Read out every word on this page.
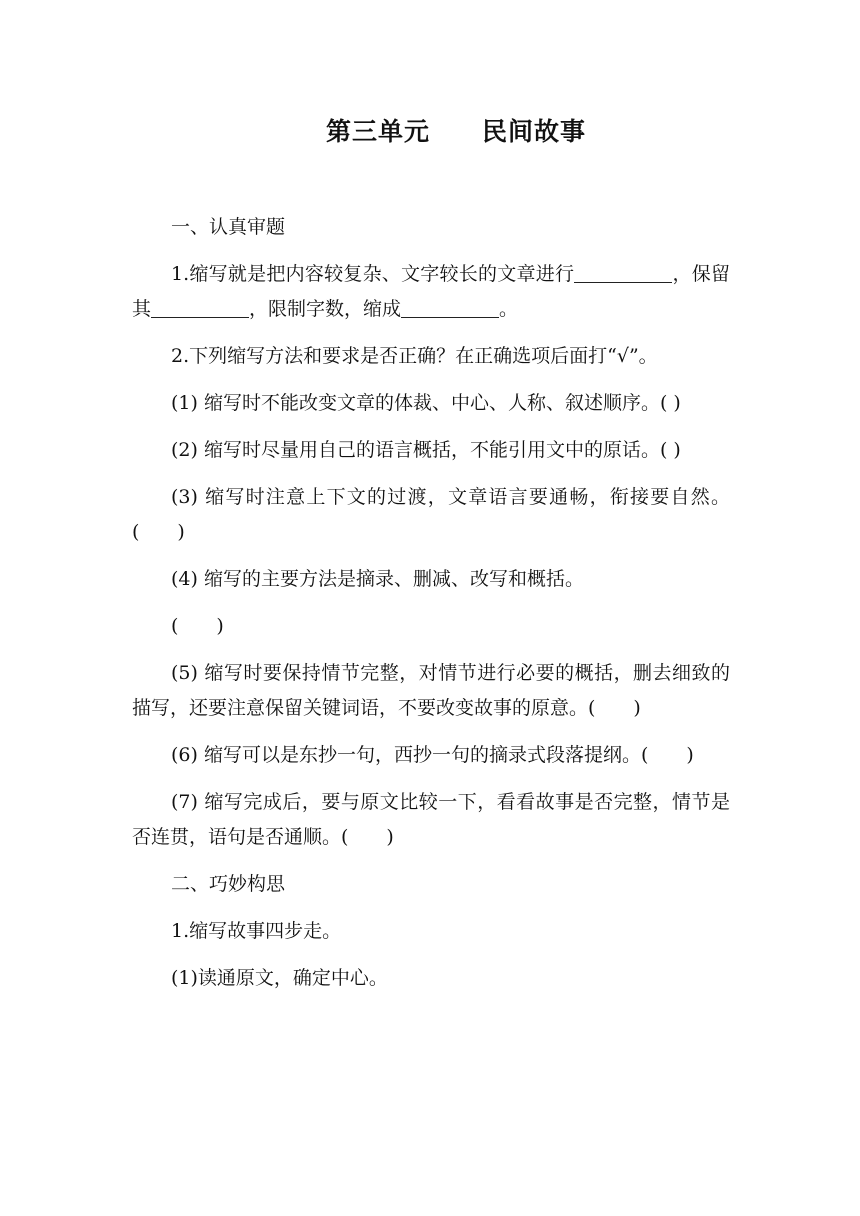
第三单元　　民间故事

一、认真审题

1.缩写就是把内容较复杂、文字较长的文章进行	，保留其	，限制字数，缩成	。

2.下列缩写方法和要求是否正确？在正确选项后面打“√”。

(1) 缩写时不能改变文章的体裁、中心、人称、叙述顺序。( )

(2) 缩写时尽量用自己的语言概括，不能引用文中的原话。( )

(3) 缩写时注意上下文的过渡，文章语言要通畅，衔接要自然。(　　)

(4) 缩写的主要方法是摘录、删减、改写和概括。

(　　)

(5) 缩写时要保持情节完整，对情节进行必要的概括，删去细致的描写，还要注意保留关键词语，不要改变故事的原意。(　　)

(6) 缩写可以是东抄一句，西抄一句的摘录式段落提纲。(　　)

(7) 缩写完成后，要与原文比较一下，看看故事是否完整，情节是否连贯，语句是否通顺。(　　)

二、巧妙构思

1.缩写故事四步走。

(1)读通原文，确定中心。
